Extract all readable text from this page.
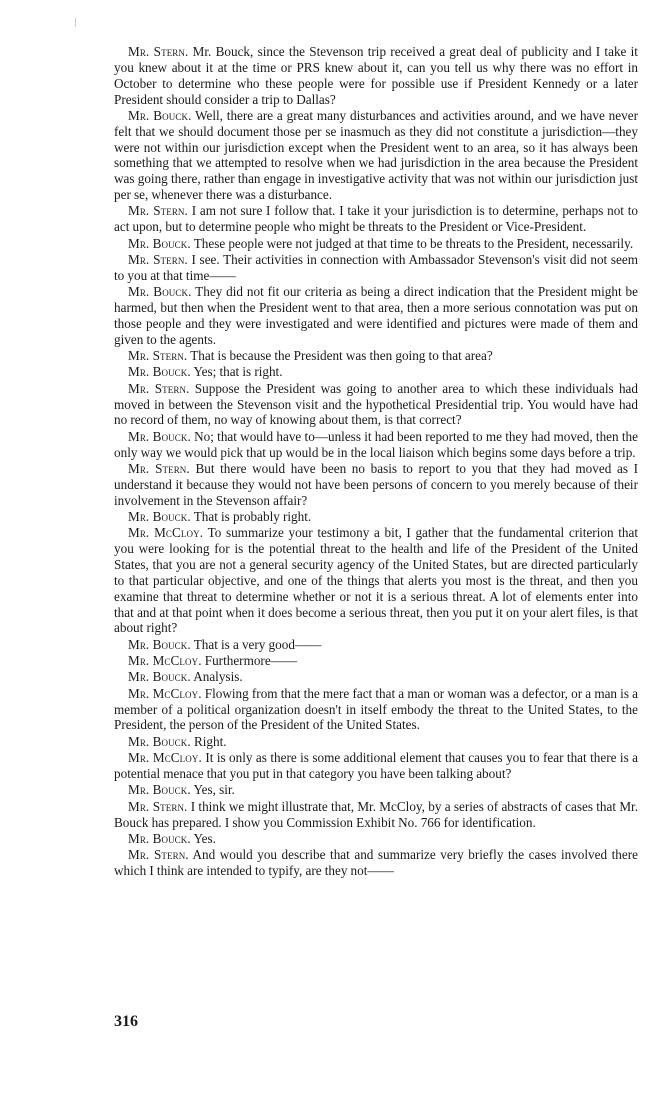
Mr. Stern. Mr. Bouck, since the Stevenson trip received a great deal of publicity and I take it you knew about it at the time or PRS knew about it, can you tell us why there was no effort in October to determine who these people were for possible use if President Kennedy or a later President should consider a trip to Dallas?

Mr. Bouck. Well, there are a great many disturbances and activities around, and we have never felt that we should document those per se inasmuch as they did not constitute a jurisdiction—they were not within our jurisdiction except when the President went to an area, so it has always been something that we attempted to resolve when we had jurisdiction in the area because the President was going there, rather than engage in investigative activity that was not within our jurisdiction just per se, whenever there was a disturbance.

Mr. Stern. I am not sure I follow that. I take it your jurisdiction is to determine, perhaps not to act upon, but to determine people who might be threats to the President or Vice-President.

Mr. Bouck. These people were not judged at that time to be threats to the President, necessarily.

Mr. Stern. I see. Their activities in connection with Ambassador Stevenson's visit did not seem to you at that time——

Mr. Bouck. They did not fit our criteria as being a direct indication that the President might be harmed, but then when the President went to that area, then a more serious connotation was put on those people and they were investigated and were identified and pictures were made of them and given to the agents.

Mr. Stern. That is because the President was then going to that area?

Mr. Bouck. Yes; that is right.

Mr. Stern. Suppose the President was going to another area to which these individuals had moved in between the Stevenson visit and the hypothetical Presidential trip. You would have had no record of them, no way of knowing about them, is that correct?

Mr. Bouck. No; that would have to—unless it had been reported to me they had moved, then the only way we would pick that up would be in the local liaison which begins some days before a trip.

Mr. Stern. But there would have been no basis to report to you that they had moved as I understand it because they would not have been persons of concern to you merely because of their involvement in the Stevenson affair?

Mr. Bouck. That is probably right.

Mr. McCloy. To summarize your testimony a bit, I gather that the fundamental criterion that you were looking for is the potential threat to the health and life of the President of the United States, that you are not a general security agency of the United States, but are directed particularly to that particular objective, and one of the things that alerts you most is the threat, and then you examine that threat to determine whether or not it is a serious threat. A lot of elements enter into that and at that point when it does become a serious threat, then you put it on your alert files, is that about right?

Mr. Bouck. That is a very good——

Mr. McCloy. Furthermore——

Mr. Bouck. Analysis.

Mr. McCloy. Flowing from that the mere fact that a man or woman was a defector, or a man is a member of a political organization doesn't in itself embody the threat to the United States, to the President, the person of the President of the United States.

Mr. Bouck. Right.

Mr. McCloy. It is only as there is some additional element that causes you to fear that there is a potential menace that you put in that category you have been talking about?

Mr. Bouck. Yes, sir.

Mr. Stern. I think we might illustrate that, Mr. McCloy, by a series of abstracts of cases that Mr. Bouck has prepared. I show you Commission Exhibit No. 766 for identification.

Mr. Bouck. Yes.

Mr. Stern. And would you describe that and summarize very briefly the cases involved there which I think are intended to typify, are they not——

316
